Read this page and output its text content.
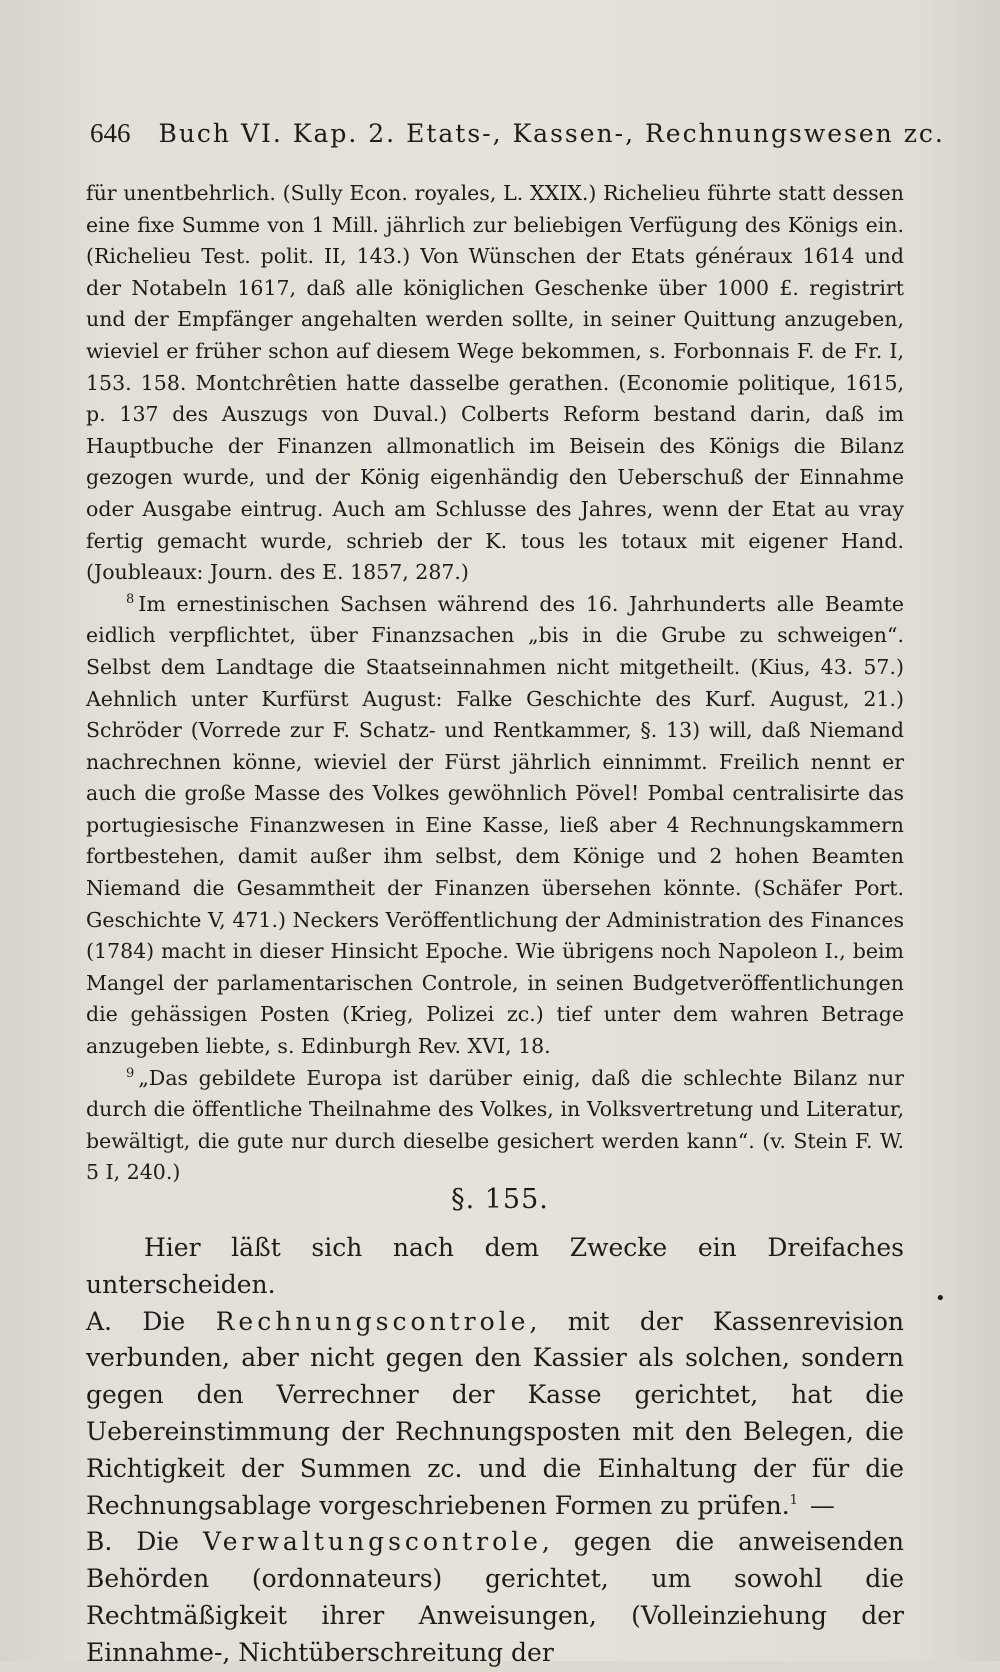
646 Buch VI. Kap. 2. Etats-, Kassen-, Rechnungswesen zc.

für unentbehrlich. (Sully Econ. royales, L. XXIX.) Richelieu führte statt dessen eine fixe Summe von 1 Mill. jährlich zur beliebigen Verfügung des Königs ein. (Richelieu Test. polit. II, 143.) Von Wünschen der Etats généraux 1614 und der Notabeln 1617, daß alle königlichen Geschenke über 1000 £. registrirt und der Empfänger angehalten werden sollte, in seiner Quittung anzugeben, wieviel er früher schon auf diesem Wege bekommen, s. Forbonnais F. de Fr. I, 153. 158. Montchrêtien hatte dasselbe gerathen. (Economie politique, 1615, p. 137 des Auszugs von Duval.) Colberts Reform bestand darin, daß im Hauptbuche der Finanzen allmonatlich im Beisein des Königs die Bilanz gezogen wurde, und der König eigenhändig den Ueberschuß der Einnahme oder Ausgabe eintrug. Auch am Schlusse des Jahres, wenn der Etat au vray fertig gemacht wurde, schrieb der K. tous les totaux mit eigener Hand. (Joubleaux: Journ. des E. 1857, 287.)

$^8$ Im ernestinischen Sachsen während des 16. Jahrhunderts alle Beamte eidlich verpflichtet, über Finanzsachen „bis in die Grube zu schweigen“. Selbst dem Landtage die Staatseinnahmen nicht mitgetheilt. (Kius, 43. 57.) Aehnlich unter Kurfürst August: Falke Geschichte des Kurf. August, 21.) Schröder (Vorrede zur F. Schatz- und Rentkammer, §. 13) will, daß Niemand nachrechnen könne, wieviel der Fürst jährlich einnimmt. Freilich nennt er auch die große Masse des Volkes gewöhnlich Pövel! Pombal centralisirte das portugiesische Finanzwesen in Eine Kasse, ließ aber 4 Rechnungskammern fortbestehen, damit außer ihm selbst, dem Könige und 2 hohen Beamten Niemand die Gesammtheit der Finanzen übersehen könnte. (Schäfer Port. Geschichte V, 471.) Neckers Veröffentlichung der Administration des Finances (1784) macht in dieser Hinsicht Epoche. Wie übrigens noch Napoleon I., beim Mangel der parlamentarischen Controle, in seinen Budgetveröffentlichungen die gehässigen Posten (Krieg, Polizei zc.) tief unter dem wahren Betrage anzugeben liebte, s. Edinburgh Rev. XVI, 18.

$^9$ „Das gebildete Europa ist darüber einig, daß die schlechte Bilanz nur durch die öffentliche Theilnahme des Volkes, in Volksvertretung und Literatur, bewältigt, die gute nur durch dieselbe gesichert werden kann“. (v. Stein F. W. 5 I, 240.)

§. 155.

Hier läßt sich nach dem Zwecke ein Dreifaches unterscheiden.
A. Die Rechnungscontrole, mit der Kassenrevision verbunden, aber nicht gegen den Kassier als solchen, sondern gegen den Verrechner der Kasse gerichtet, hat die Uebereinstimmung der Rechnungsposten mit den Belegen, die Richtigkeit der Summen zc. und die Einhaltung der für die Rechnungsablage vorgeschriebenen Formen zu prüfen.$^1$ —
B. Die Verwaltungscontrole, gegen die anweisenden Behörden (ordonnateurs) gerichtet, um sowohl die Rechtmäßigkeit ihrer Anweisungen, (Volleinziehung der Einnahme-, Nichtüberschreitung der

•
